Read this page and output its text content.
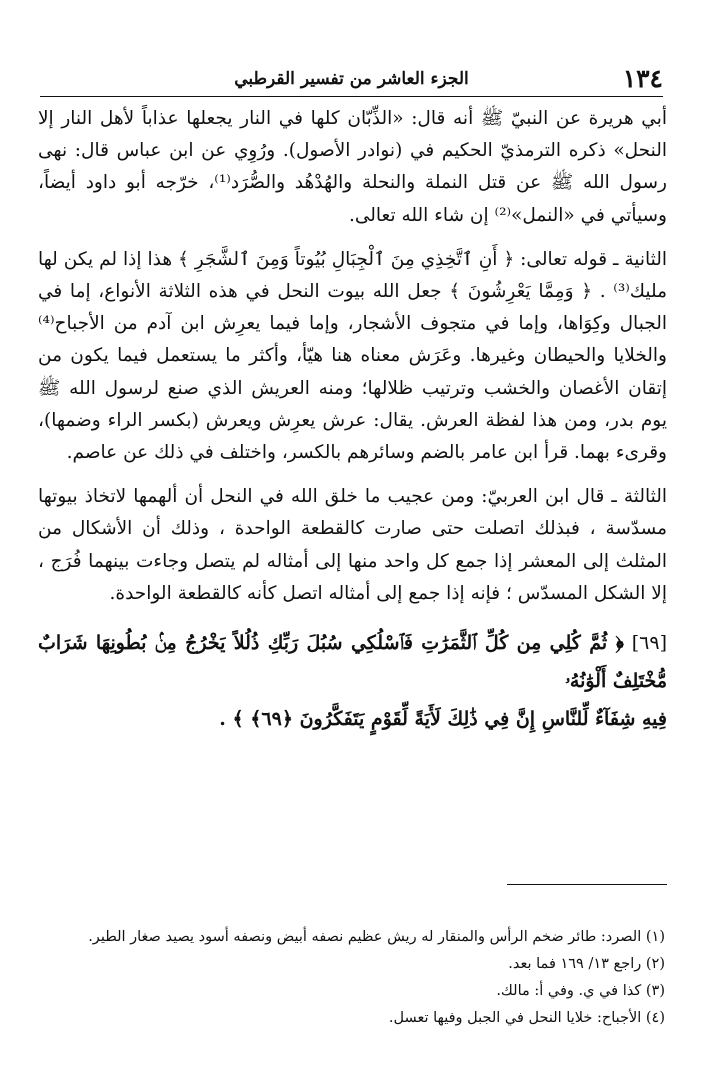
١٣٤
الجزء العاشر من تفسير القرطبي

أبي هريرة عن النبيّ ﷺ أنه قال: «الذِّبّان كلها في النار يجعلها عذاباً لأهل النار إلا النحل» ذكره الترمذيّ الحكيم في (نوادر الأصول). ورُوِي عن ابن عباس قال: نهى رسول الله ﷺ عن قتل النملة والنحلة والهُدْهُد والصُّرَد⁽¹⁾، خرّجه أبو داود أيضاً، وسيأتي في «النمل»⁽²⁾ إن شاء الله تعالى.

الثانية ـ قوله تعالى: ﴿ أَنِ ٱتَّخِذِي مِنَ ٱلْجِبَالِ بُيُوتاً وَمِنَ ٱلشَّجَرِ ﴾ هذا إذا لم يكن لها مليك⁽³⁾ . ﴿ وَمِمَّا يَعْرِشُونَ ﴾ جعل الله بيوت النحل في هذه الثلاثة الأنواع، إما في الجبال وكِوَاها، وإما في متجوف الأشجار، وإما فيما يعرِش ابن آدم من الأجباح⁽⁴⁾ والخلايا والحيطان وغيرها. وعَرَش معناه هنا هيّأ، وأكثر ما يستعمل فيما يكون من إتقان الأغصان والخشب وترتيب ظلالها؛ ومنه العريش الذي صنع لرسول الله ﷺ يوم بدر، ومن هذا لفظة العرش. يقال: عرش يعرِش ويعرش (بكسر الراء وضمها)، وقرىء بهما. قرأ ابن عامر بالضم وسائرهم بالكسر، واختلف في ذلك عن عاصم.

الثالثة ـ قال ابن العربيّ: ومن عجيب ما خلق الله في النحل أن ألهمها لاتخاذ بيوتها مسدّسة ، فبذلك اتصلت حتى صارت كالقطعة الواحدة ، وذلك أن الأشكال من المثلث إلى المعشر إذا جمع كل واحد منها إلى أمثاله لم يتصل وجاءت بينهما فُرَج ، إلا الشكل المسدّس ؛ فإنه إذا جمع إلى أمثاله اتصل كأنه كالقطعة الواحدة.

[٦٩] ﴿ ثُمَّ كُلِي مِن كُلِّ ٱلثَّمَرَٰتِ فَٱسْلُكِي سُبُلَ رَبِّكِ ذُلُلاً يَخْرُجُ مِنۢ بُطُونِهَا شَرَابٌ مُّخْتَلِفٌ أَلْوَٰنُهُۥ

فِيهِ شِفَآءٌ لِّلنَّاسِ إِنَّ فِي ذَٰلِكَ لَأَيَةً لِّقَوْمٍ يَتَفَكَّرُونَ ﴿٦٩﴾ ﴾ .

(١) الصرد: طائر ضخم الرأس والمنقار له ريش عظيم نصفه أبيض ونصفه أسود يصيد صغار الطير.
(٢) راجع ١٣/ ١٦٩ فما بعد.
(٣) كذا في ي. وفي أ: مالك.
(٤) الأجباح: خلايا النحل في الجبل وفيها تعسل.
